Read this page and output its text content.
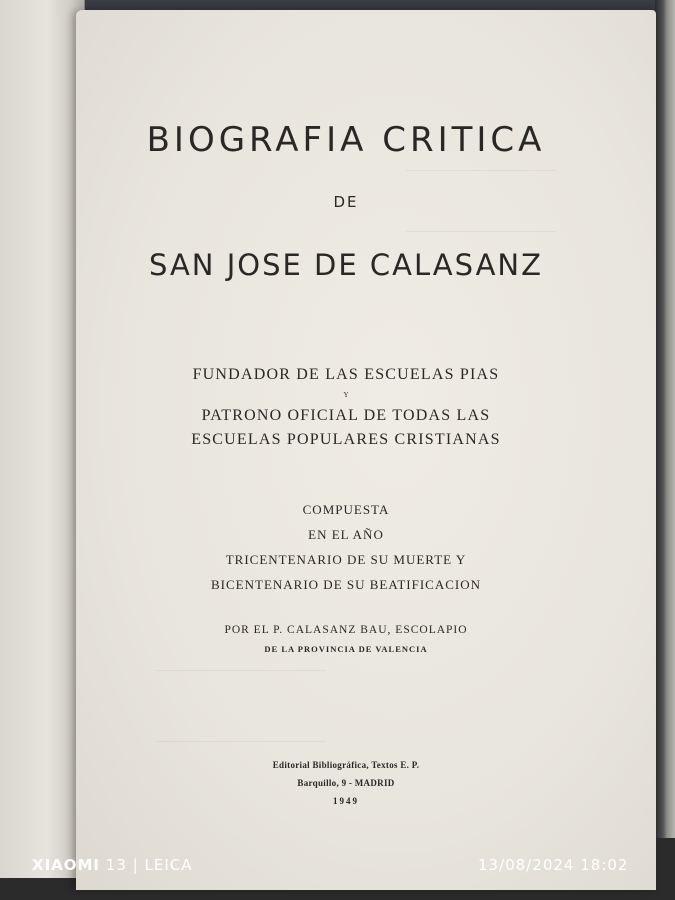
BIOGRAFIA CRITICA
DE
SAN JOSE DE CALASANZ
FUNDADOR DE LAS ESCUELAS PIAS
Y
PATRONO OFICIAL DE TODAS LAS
ESCUELAS POPULARES CRISTIANAS
COMPUESTA
EN EL AÑO
TRICENTENARIO DE SU MUERTE Y
BICENTENARIO DE SU BEATIFICACION
POR EL P. CALASANZ BAU, ESCOLAPIO
DE LA PROVINCIA DE VALENCIA
Editorial Bibliográfica, Textos E. P.
Barquillo, 9 - MADRID
1949
XIAOMI 13 | LEICA	13/08/2024 18:02
